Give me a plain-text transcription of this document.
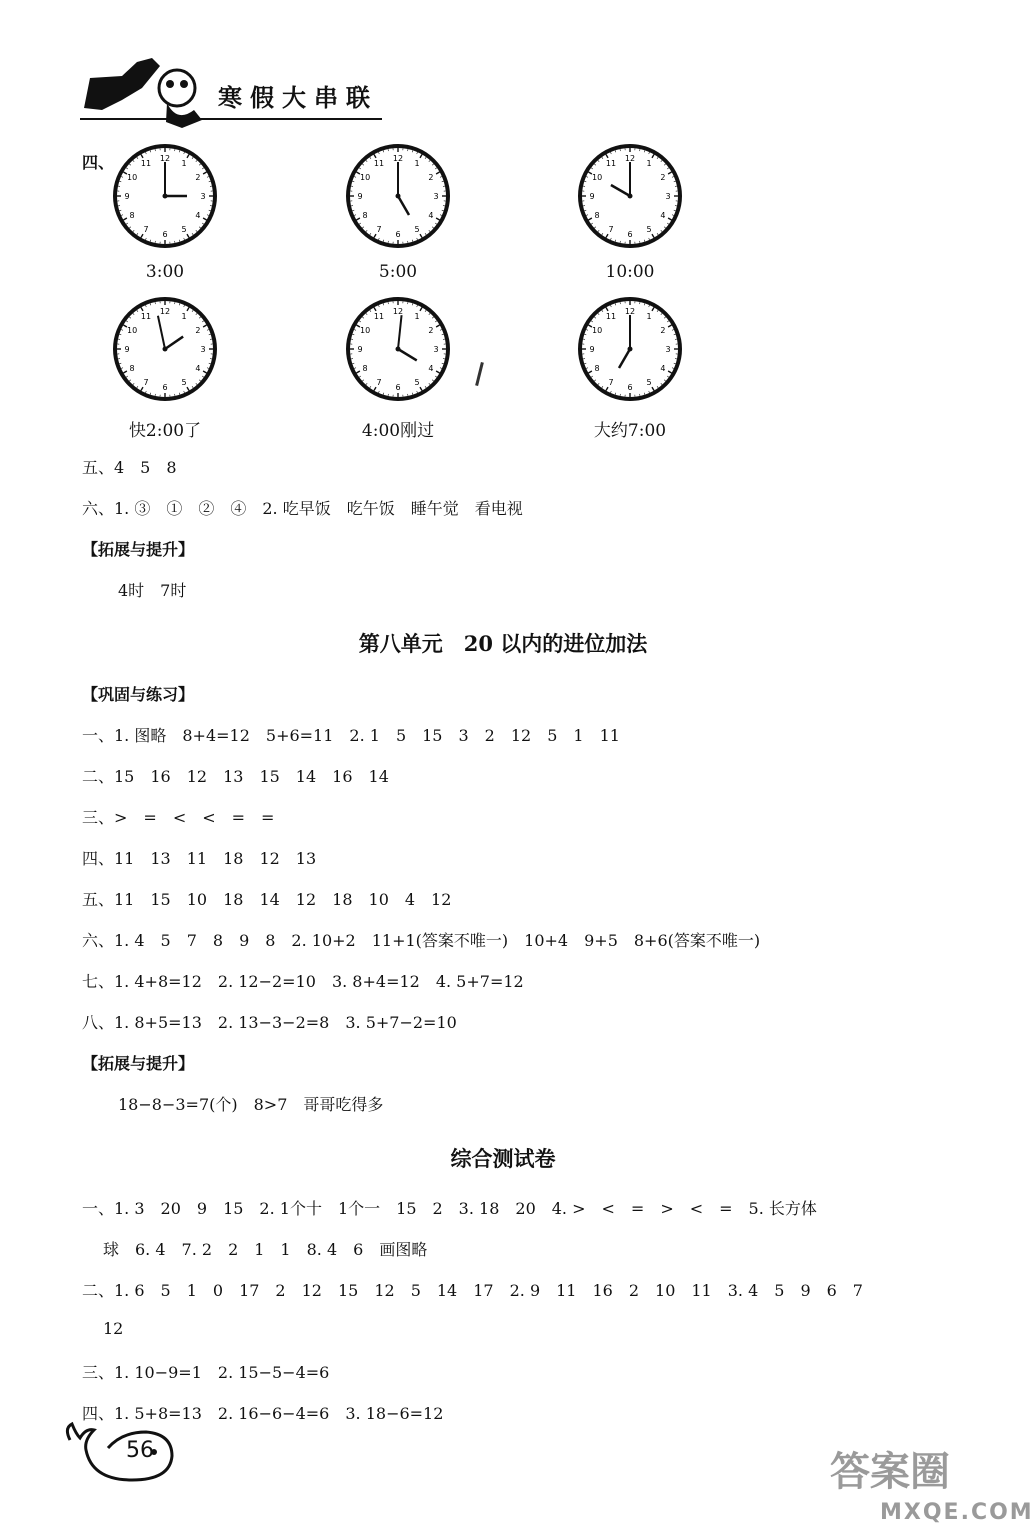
寒假大串联
四、	1
2
3
4
5
6
7
8
9
10
11
12
3:00
1
2
3
4
5
6
7
8
9
10
11
12
5:00
1
2
3
4
5
6
7
8
9
10
11
12
10:00
1
2
3
4
5
6
7
8
9
10
11
12
快2:00了
1
2
3
4
5
6
7
8
9
10
11
12
4:00刚过
1
2
3
4
5
6
7
8
9
10
11
12
大约7:00
五、4　5　8
六、1. ③　①　②　④　2. 吃早饭　吃午饭　睡午觉　看电视
【拓展与提升】
4时　7时
第八单元　20 以内的进位加法
【巩固与练习】
一、1. 图略　8+4=12　5+6=11　2. 1　5　15　3　2　12　5　1　11
二、15　16　12　13　15　14　16　14
三、>　=　<　<　=　=
四、11　13　11　18　12　13
五、11　15　10　18　14　12　18　10　4　12
六、1. 4　5　7　8　9　8　2. 10+2　11+1(答案不唯一)　10+4　9+5　8+6(答案不唯一)
七、1. 4+8=12　2. 12−2=10　3. 8+4=12　4. 5+7=12
八、1. 8+5=13　2. 13−3−2=8　3. 5+7−2=10
【拓展与提升】
18−8−3=7(个)　8>7　哥哥吃得多
综合测试卷
一、1. 3　20　9　15　2. 1个十　1个一　15　2　3. 18　20　4. >　<　=　>　<　=　5. 长方体
球　6. 4　7. 2　2　1　1　8. 4　6　画图略
二、1. 6　5　1　0　17　2　12　15　12　5　14　17　2. 9　11　16　2　10　11　3. 4　5　9　6　7
12
三、1. 10−9=1　2. 15−5−4=6
四、1. 5+8=13　2. 16−6−4=6　3. 18−6=12
56	答案圈
MXQE.COM
